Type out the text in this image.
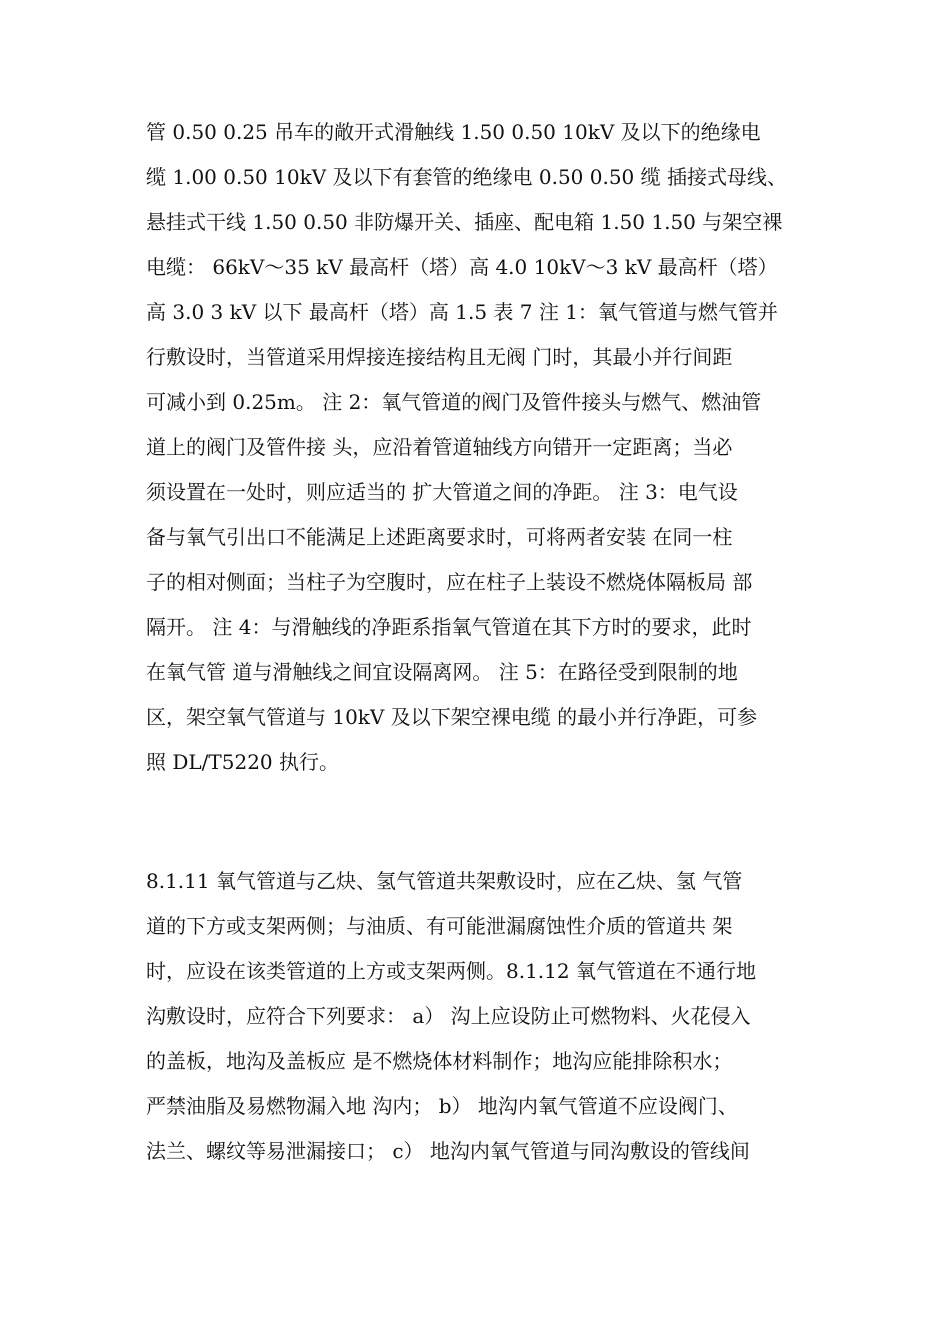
管 0.50 0.25 吊车的敞开式滑触线 1.50 0.50 10kV 及以下的绝缘电
缆 1.00 0.50 10kV 及以下有套管的绝缘电 0.50 0.50 缆 插接式母线、
悬挂式干线 1.50 0.50 非防爆开关、插座、配电箱 1.50 1.50 与架空裸
电缆： 66kV～35 kV 最高杆（塔）高 4.0 10kV～3 kV 最高杆（塔）
高 3.0 3 kV 以下 最高杆（塔）高 1.5 表 7 注 1：氧气管道与燃气管并
行敷设时，当管道采用焊接连接结构且无阀 门时，其最小并行间距
可减小到 0.25m。 注 2：氧气管道的阀门及管件接头与燃气、燃油管
道上的阀门及管件接 头，应沿着管道轴线方向错开一定距离；当必
须设置在一处时，则应适当的 扩大管道之间的净距。 注 3：电气设
备与氧气引出口不能满足上述距离要求时，可将两者安装 在同一柱
子的相对侧面；当柱子为空腹时，应在柱子上装设不燃烧体隔板局 部
隔开。 注 4：与滑触线的净距系指氧气管道在其下方时的要求，此时
在氧气管 道与滑触线之间宜设隔离网。 注 5：在路径受到限制的地
区，架空氧气管道与 10kV 及以下架空裸电缆 的最小并行净距，可参
照 DL/T5220 执行。
8.1.11 氧气管道与乙炔、氢气管道共架敷设时，应在乙炔、氢 气管
道的下方或支架两侧；与油质、有可能泄漏腐蚀性介质的管道共 架
时，应设在该类管道的上方或支架两侧。8.1.12 氧气管道在不通行地
沟敷设时，应符合下列要求： a） 沟上应设防止可燃物料、火花侵入
的盖板，地沟及盖板应 是不燃烧体材料制作；地沟应能排除积水；
严禁油脂及易燃物漏入地 沟内； b） 地沟内氧气管道不应设阀门、
法兰、螺纹等易泄漏接口； c） 地沟内氧气管道与同沟敷设的管线间
